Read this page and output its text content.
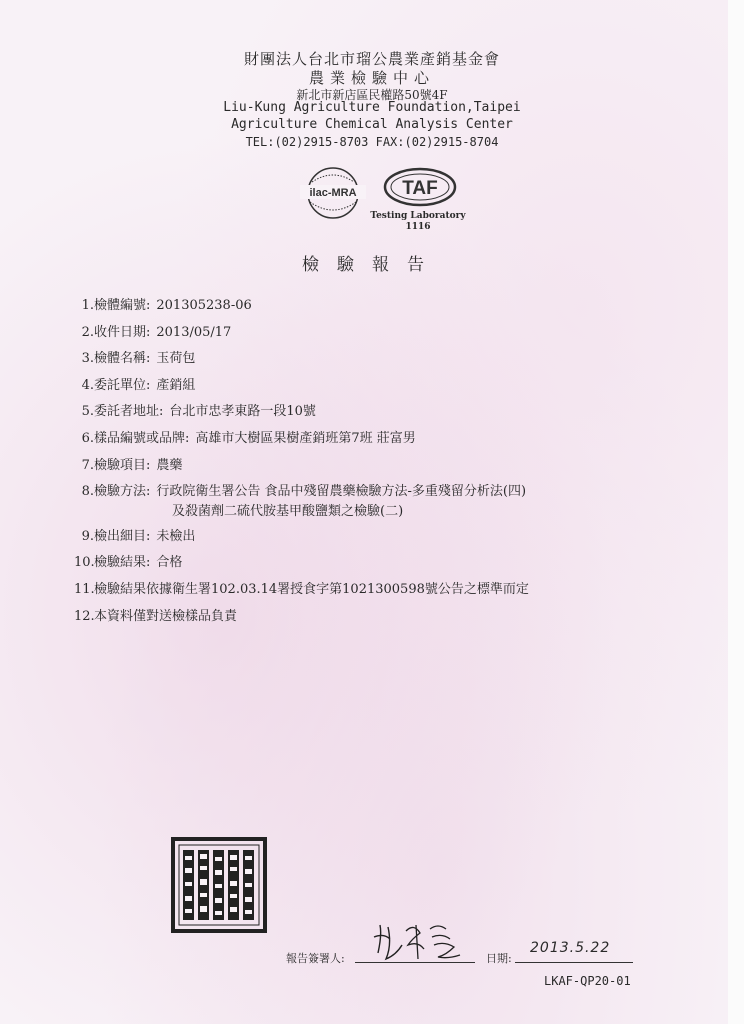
財團法人台北市瑠公農業產銷基金會
農業檢驗中心
新北市新店區民權路50號4F
Liu-Kung Agriculture Foundation,Taipei
Agriculture Chemical Analysis Center
TEL:(02)2915-8703 FAX:(02)2915-8704
ilac-MRA TAF
Testing Laboratory
1116
檢驗報告
1. 檢體編號: 201305238-06
2. 收件日期: 2013/05/17
3. 檢體名稱: 玉荷包
4. 委託單位: 產銷組
5. 委託者地址: 台北市忠孝東路一段10號
6. 樣品編號或品牌: 高雄市大樹區果樹產銷班第7班 莊富男
7. 檢驗項目: 農藥
8. 檢驗方法: 行政院衛生署公告 食品中殘留農藥檢驗方法-多重殘留分析法(四)
及殺菌劑二硫代胺基甲酸鹽類之檢驗(二)
9. 檢出細目: 未檢出
10. 檢驗結果: 合格
11. 檢驗結果依據衛生署102.03.14署授食字第1021300598號公告之標準而定
12. 本資料僅對送檢樣品負責
報告簽署人:	日期:
2013.5.22
LKAF-QP20-01
